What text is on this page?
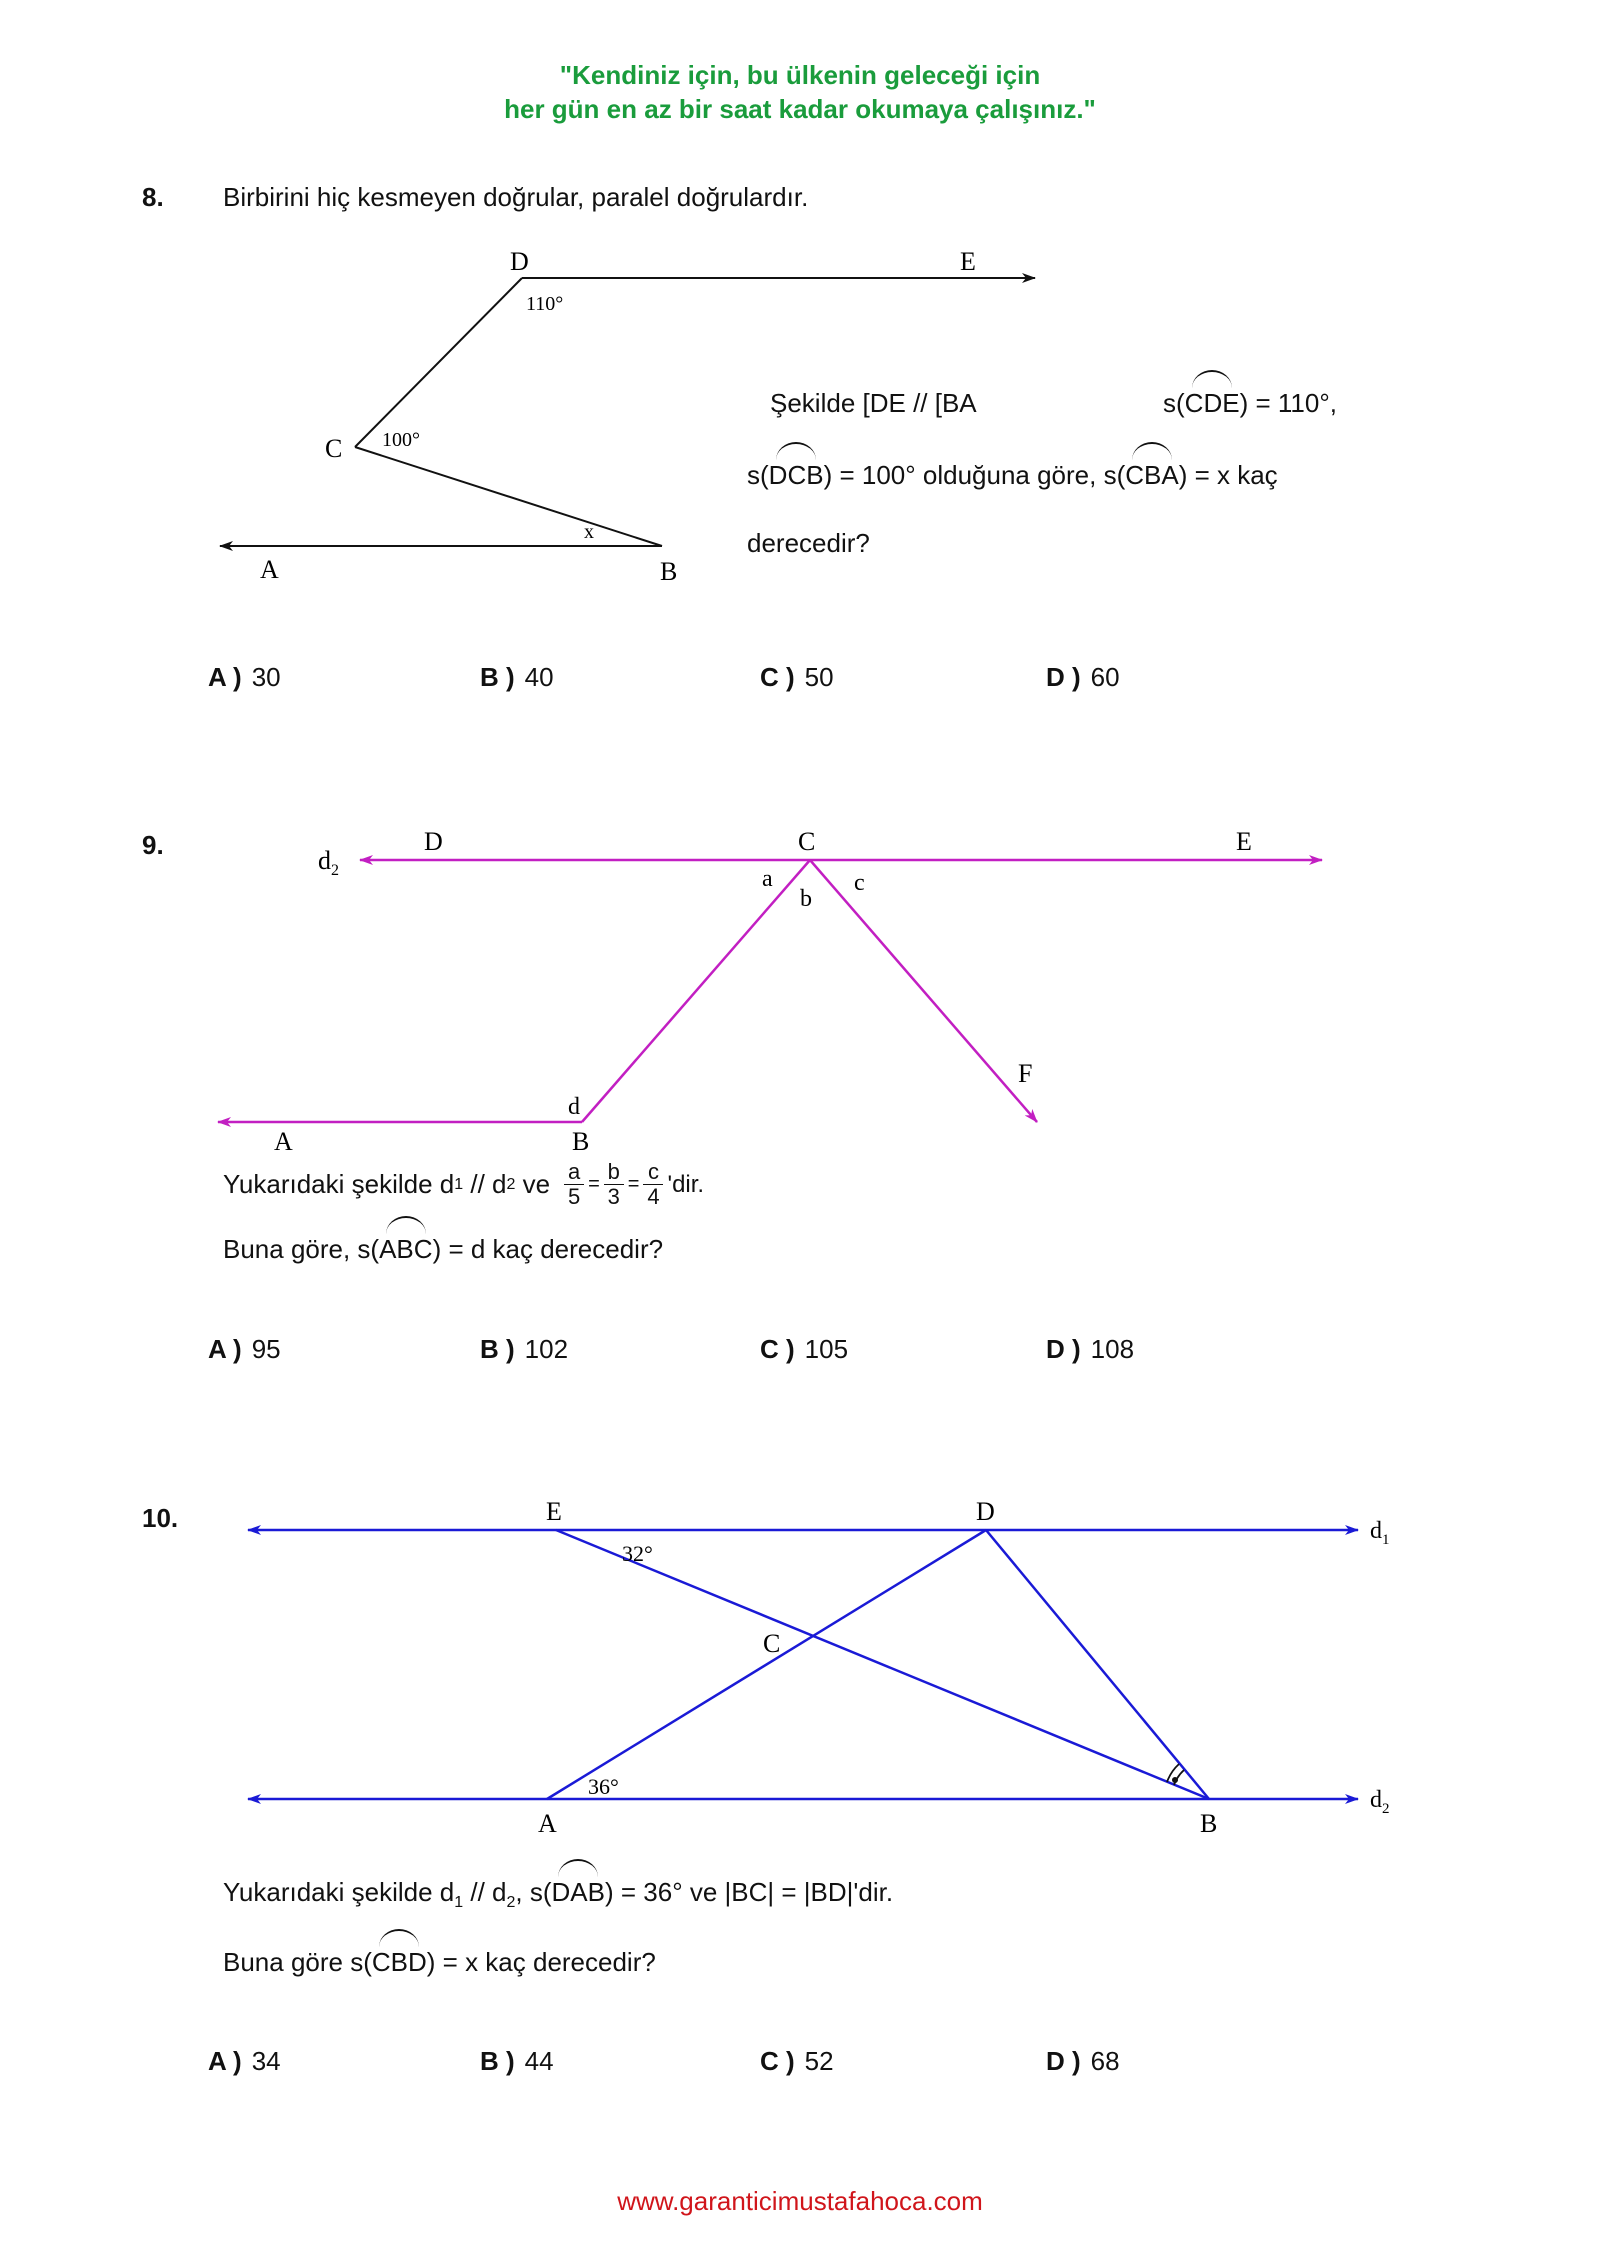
"Kendiniz için, bu ülkenin geleceği için
her gün en az bir saat kadar okumaya çalışınız."
8. Birbirini hiç kesmeyen doğrular, paralel doğrulardır.
D	E
C
A	B
x
110°
100°
Şekilde [DE // [BA	s(CDE) = 110°,
s(DCB) = 100° olduğuna göre, s(CBA) = x kaç
derecedir?
A ) 30	B ) 40	C ) 50	D ) 60
9.
$d_2$
D	C	E
a
b
c
F
d
A	B
Yukarıdaki şekilde d 1 // d 2 ve $\frac{a}{5} = \frac{b}{3} = \frac{c}{4}$ 'dir.
Buna göre, s(ABC) = d kaç derecedir?
A ) 95	B ) 102	C ) 105	D ) 108
10.	E	D
C
A	B
$d_1$
$d_2$
32°
36°
Yukarıdaki şekilde $d_1 // d_2$, s(DAB) = 36° ve |BC| = |BD|'dir.
Buna göre s(CBD) = x kaç derecedir?
A ) 34	B ) 44	C ) 52	D ) 68
www.garanticimustafahoca.com
